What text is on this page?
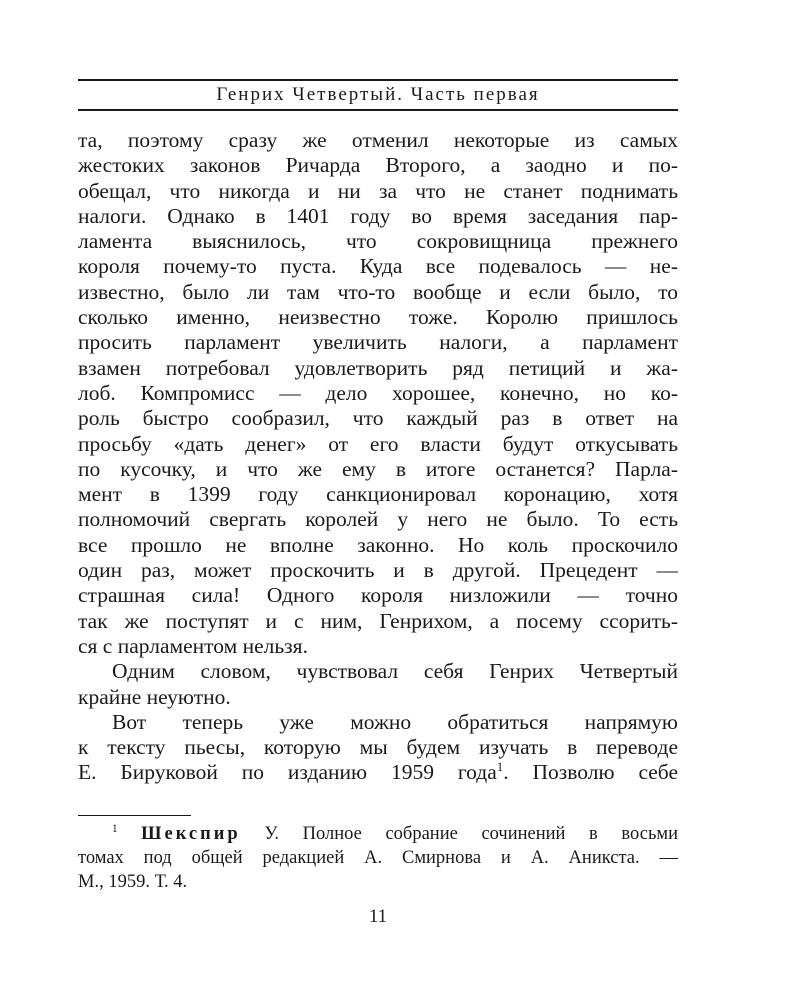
Генрих Четвертый. Часть первая
та, поэтому сразу же отменил некоторые из самых
жестоких законов Ричарда Второго, а заодно и по-
обещал, что никогда и ни за что не станет поднимать
налоги. Однако в 1401 году во время заседания пар-
ламента выяснилось, что сокровищница прежнего
короля почему-то пуста. Куда все подевалось — не-
известно, было ли там что-то вообще и если было, то
сколько именно, неизвестно тоже. Королю пришлось
просить парламент увеличить налоги, а парламент
взамен потребовал удовлетворить ряд петиций и жа-
лоб. Компромисс — дело хорошее, конечно, но ко-
роль быстро сообразил, что каждый раз в ответ на
просьбу «дать денег» от его власти будут откусывать
по кусочку, и что же ему в итоге останется? Парла-
мент в 1399 году санкционировал коронацию, хотя
полномочий свергать королей у него не было. То есть
все прошло не вполне законно. Но коль проскочило
один раз, может проскочить и в другой. Прецедент —
страшная сила! Одного короля низложили — точно
так же поступят и с ним, Генрихом, а посему ссорить-
ся с парламентом нельзя.
Одним словом, чувствовал себя Генрих Четвертый
крайне неуютно.
Вот теперь уже можно обратиться напрямую
к тексту пьесы, которую мы будем изучать в переводе
Е. Бируковой по изданию 1959 года$^1$. Позволю себе
$^1$ Шекспир У. Полное собрание сочинений в восьми
томах под общей редакцией А. Смирнова и А. Аникста. —
М., 1959. Т. 4.
11
